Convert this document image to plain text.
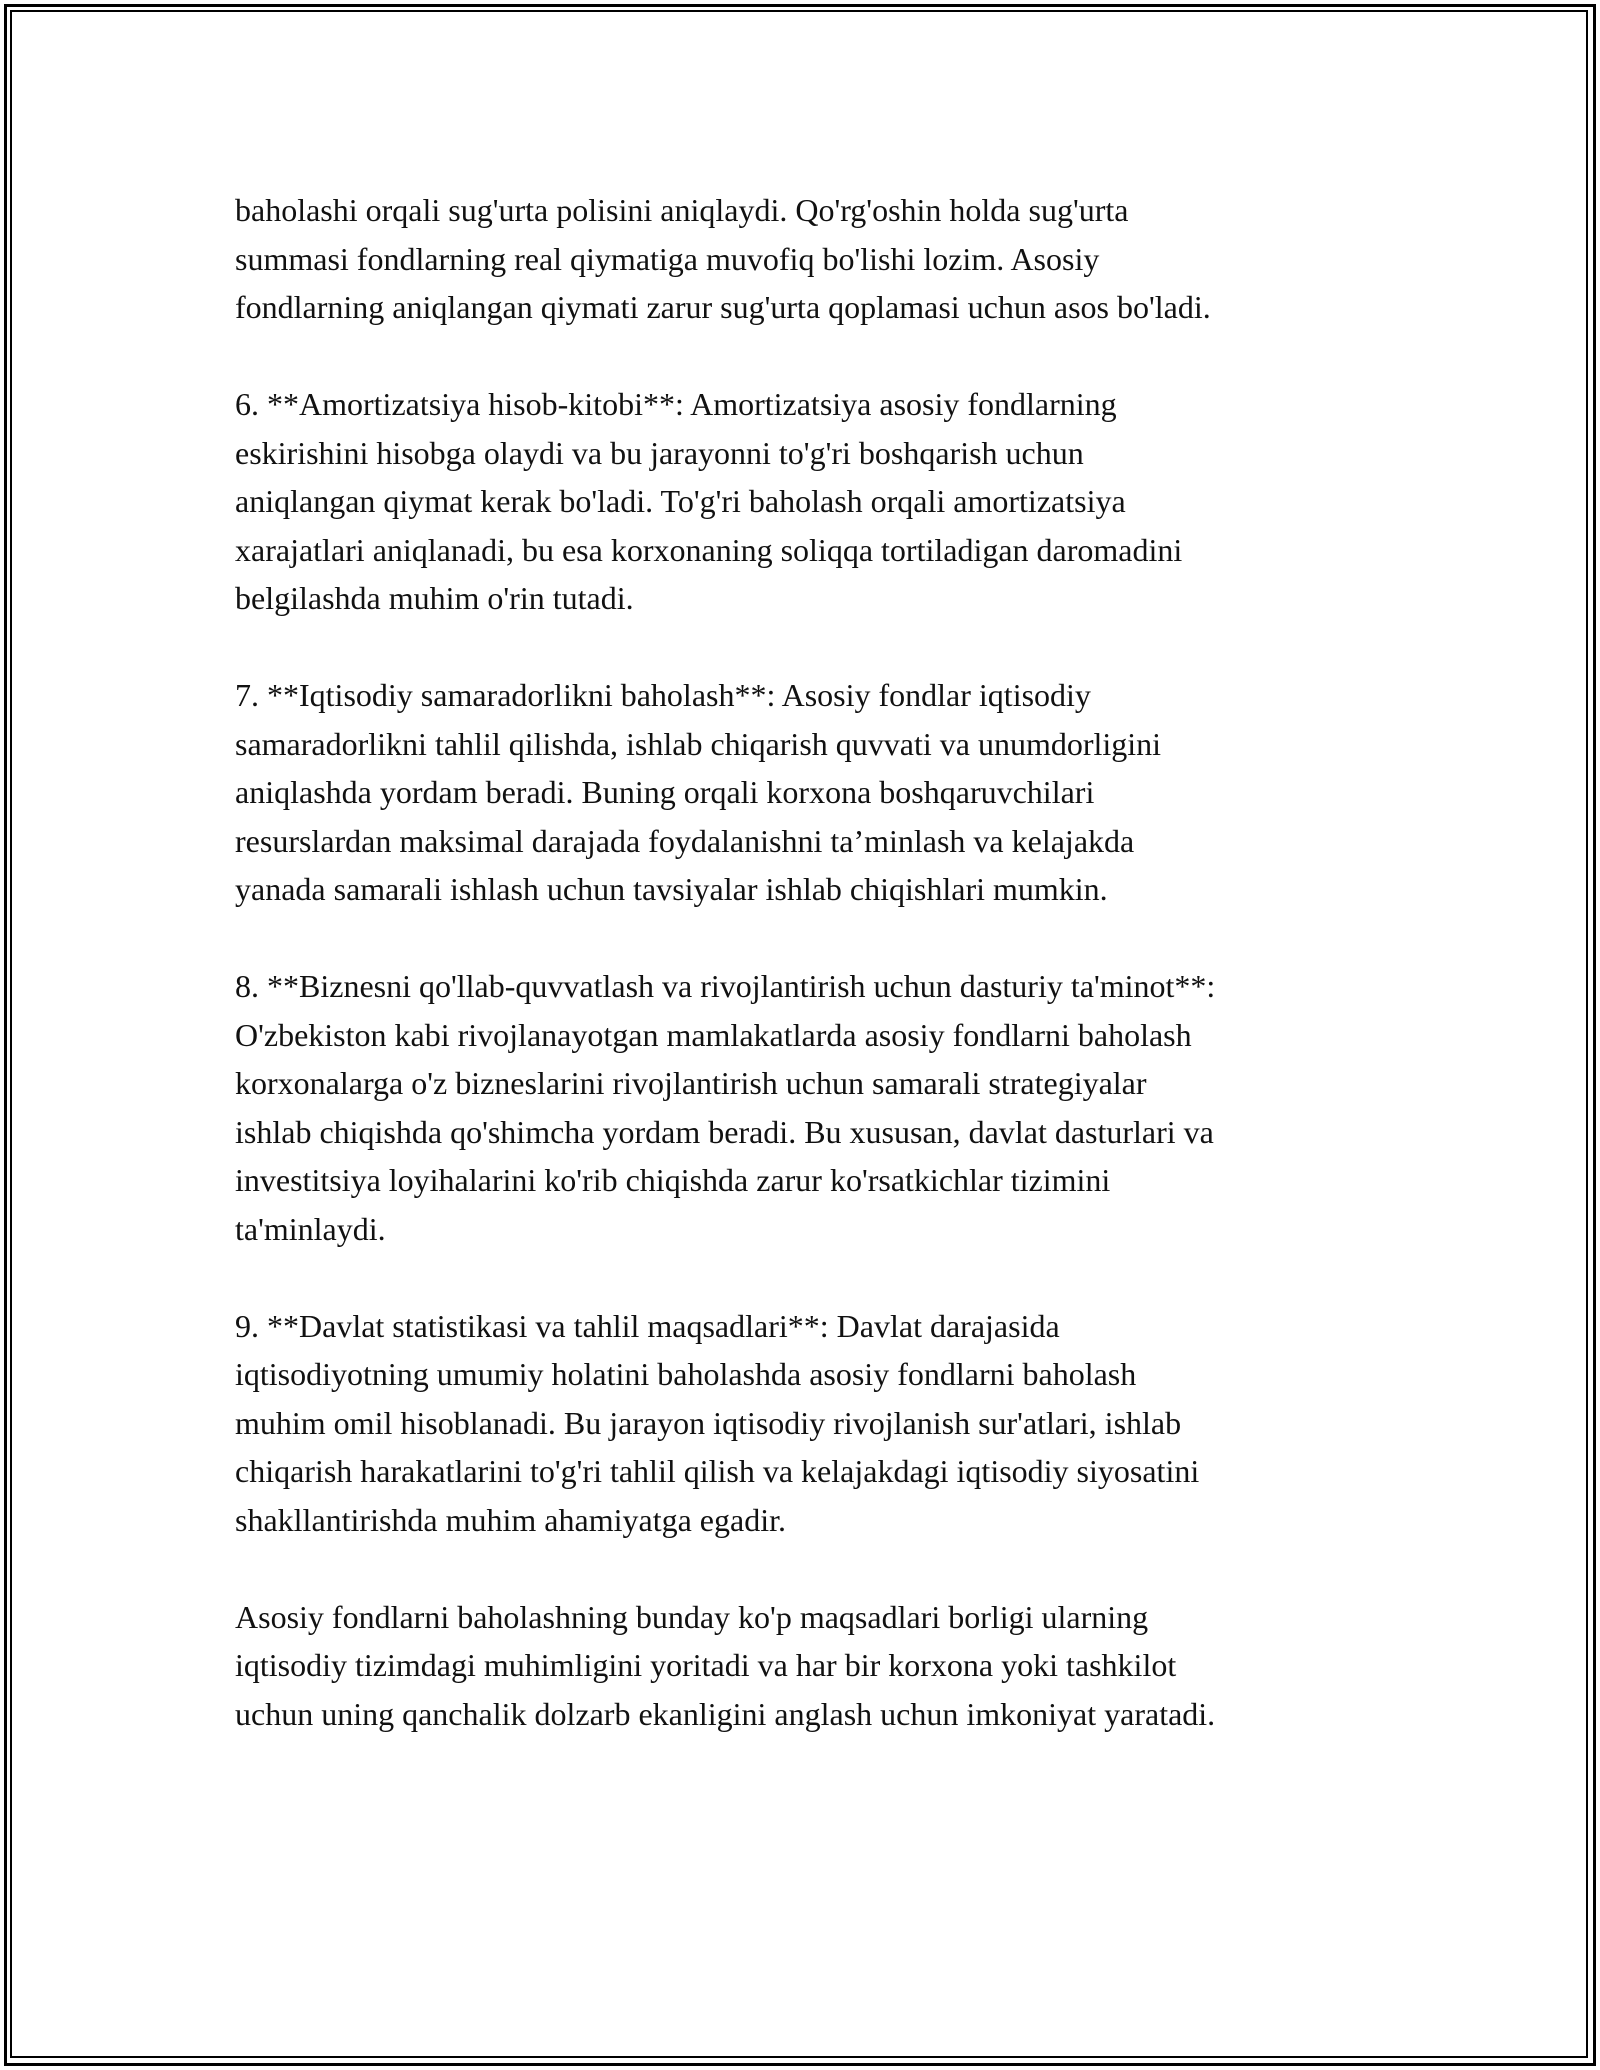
baholashi orqali sug'urta polisini aniqlaydi. Qo'rg'oshin holda sug'urta
summasi fondlarning real qiymatiga muvofiq bo'lishi lozim. Asosiy
fondlarning aniqlangan qiymati zarur sug'urta qoplamasi uchun asos bo'ladi.

6. **Amortizatsiya hisob-kitobi**: Amortizatsiya asosiy fondlarning
eskirishini hisobga olaydi va bu jarayonni to'g'ri boshqarish uchun
aniqlangan qiymat kerak bo'ladi. To'g'ri baholash orqali amortizatsiya
xarajatlari aniqlanadi, bu esa korxonaning soliqqa tortiladigan daromadini
belgilashda muhim o'rin tutadi.

7. **Iqtisodiy samaradorlikni baholash**: Asosiy fondlar iqtisodiy
samaradorlikni tahlil qilishda, ishlab chiqarish quvvati va unumdorligini
aniqlashda yordam beradi. Buning orqali korxona boshqaruvchilari
resurslardan maksimal darajada foydalanishni ta’minlash va kelajakda
yanada samarali ishlash uchun tavsiyalar ishlab chiqishlari mumkin.

8. **Biznesni qo'llab-quvvatlash va rivojlantirish uchun dasturiy ta'minot**:
O'zbekiston kabi rivojlanayotgan mamlakatlarda asosiy fondlarni baholash
korxonalarga o'z bizneslarini rivojlantirish uchun samarali strategiyalar
ishlab chiqishda qo'shimcha yordam beradi. Bu xususan, davlat dasturlari va
investitsiya loyihalarini ko'rib chiqishda zarur ko'rsatkichlar tizimini
ta'minlaydi.

9. **Davlat statistikasi va tahlil maqsadlari**: Davlat darajasida
iqtisodiyotning umumiy holatini baholashda asosiy fondlarni baholash
muhim omil hisoblanadi. Bu jarayon iqtisodiy rivojlanish sur'atlari, ishlab
chiqarish harakatlarini to'g'ri tahlil qilish va kelajakdagi iqtisodiy siyosatini
shakllantirishda muhim ahamiyatga egadir.

Asosiy fondlarni baholashning bunday ko'p maqsadlari borligi ularning
iqtisodiy tizimdagi muhimligini yoritadi va har bir korxona yoki tashkilot
uchun uning qanchalik dolzarb ekanligini anglash uchun imkoniyat yaratadi.
